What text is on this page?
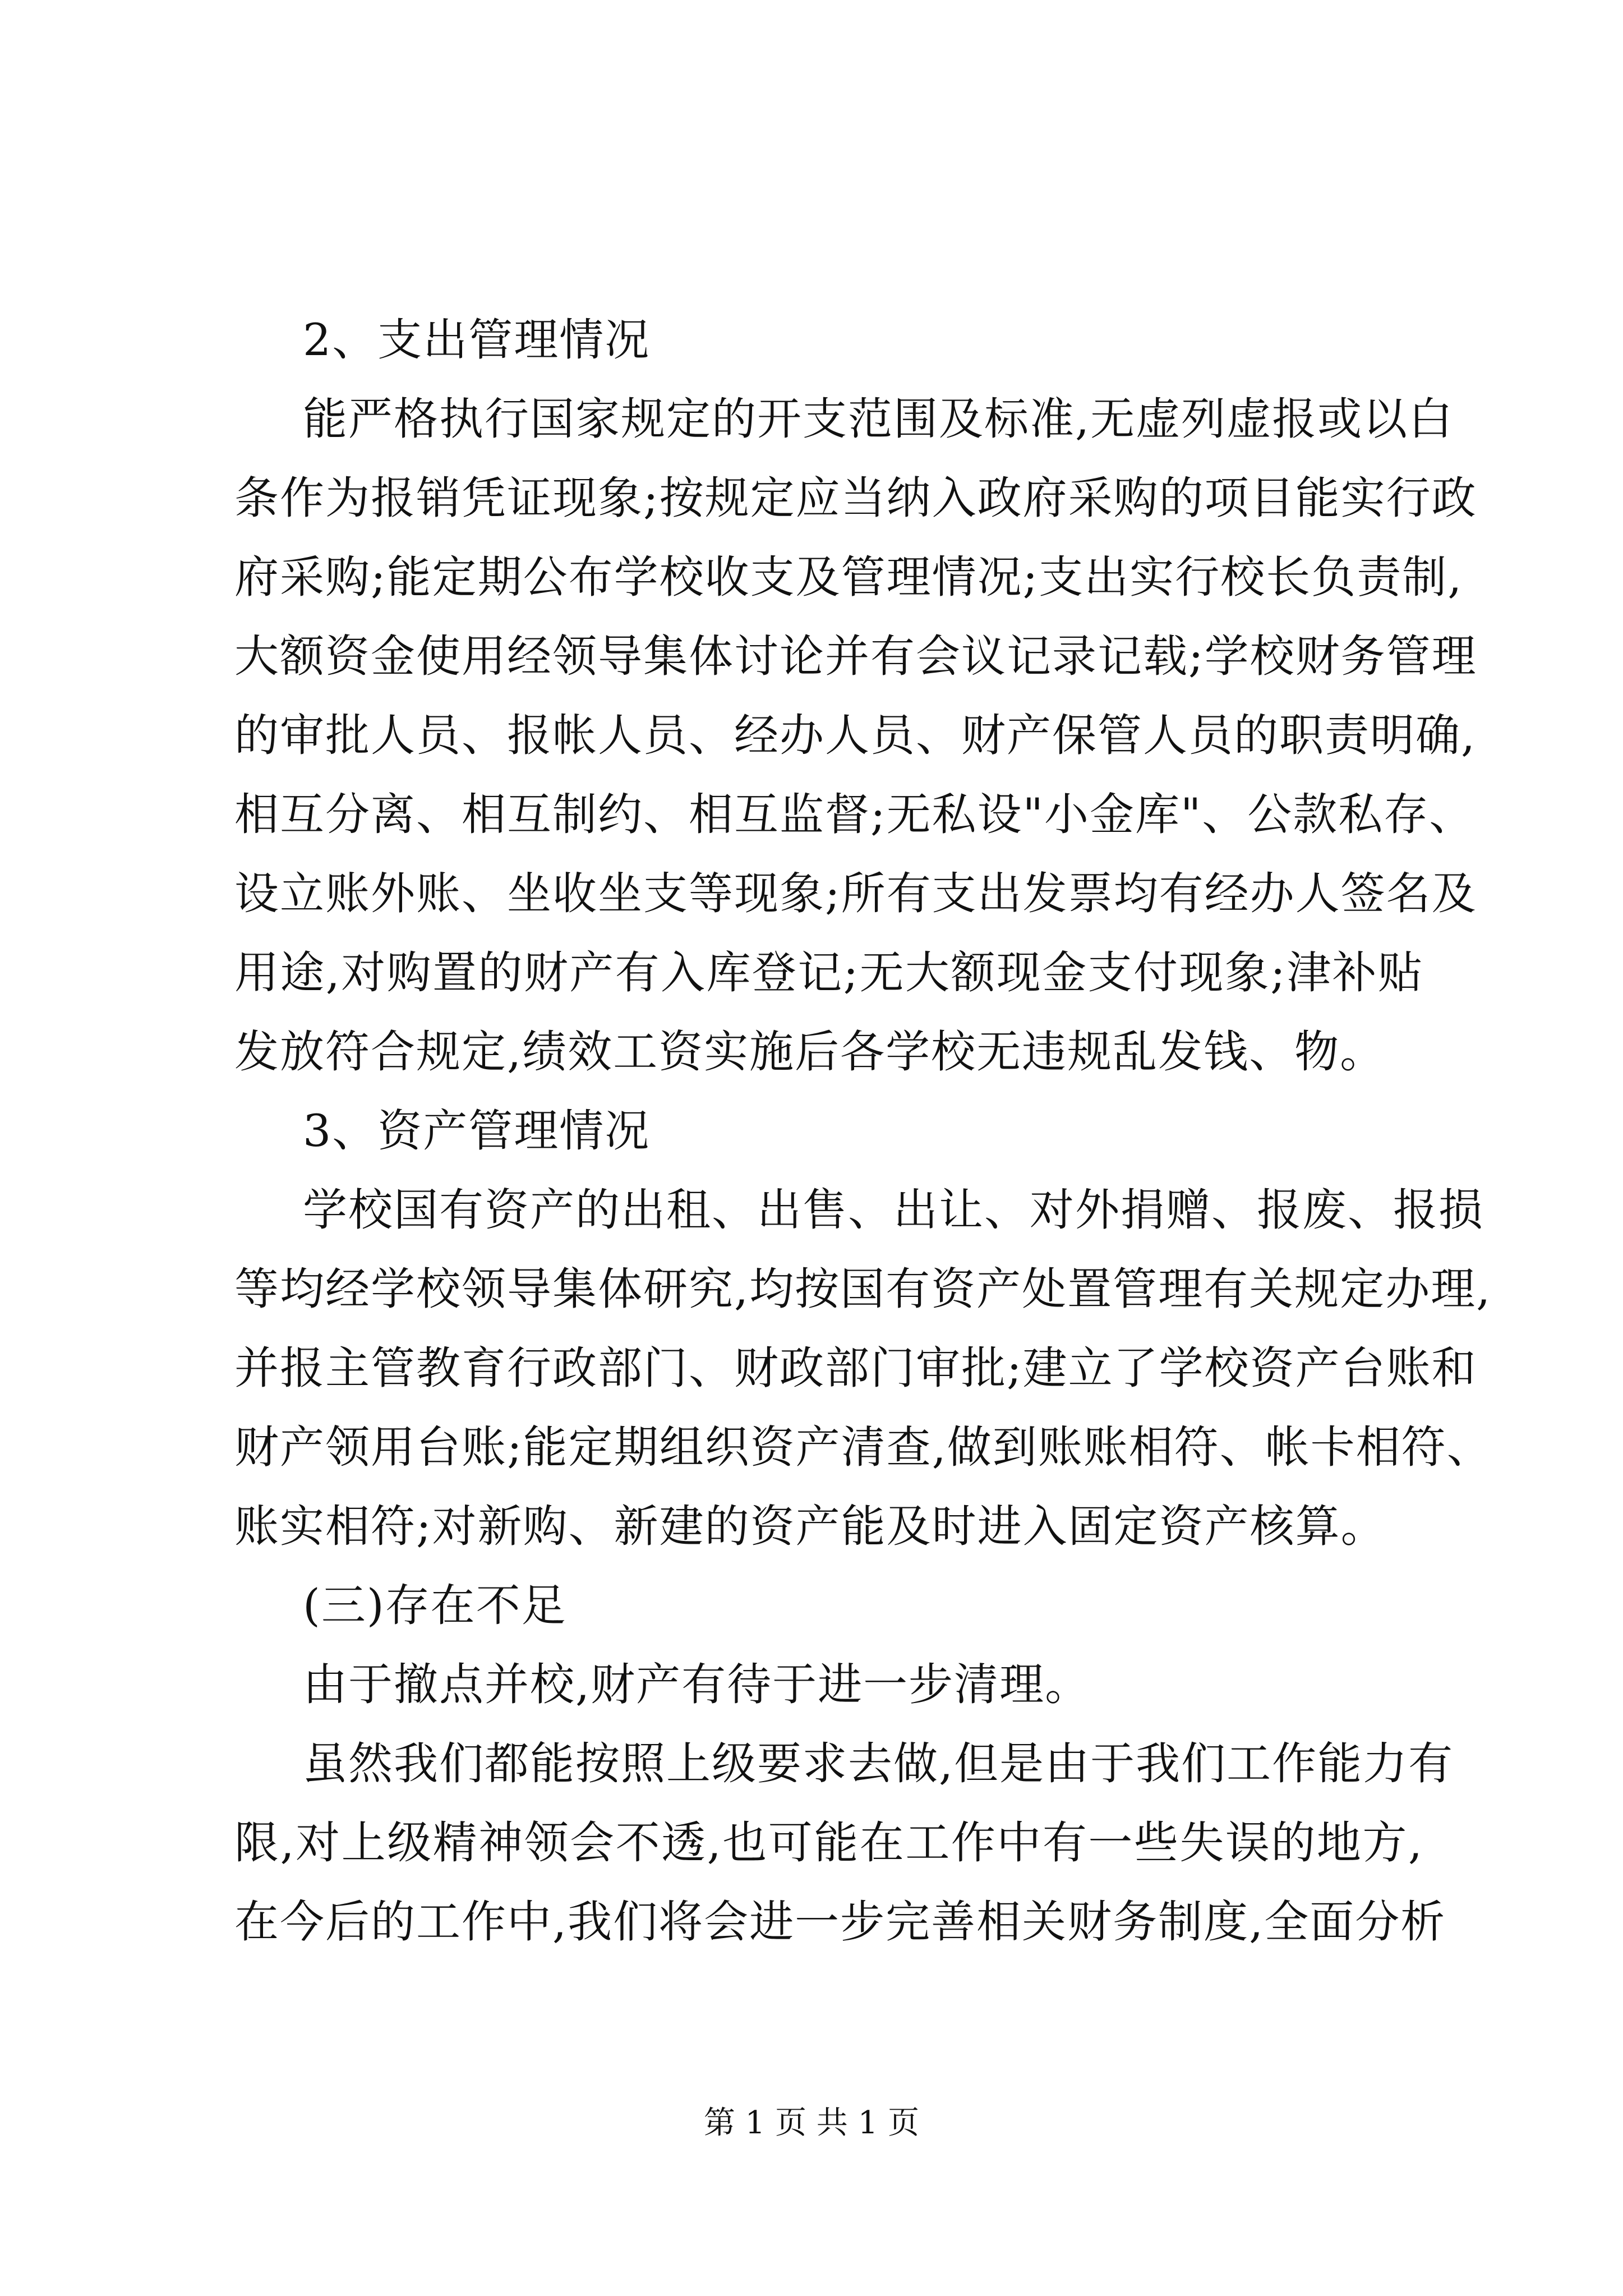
2、支出管理情况
能严格执行国家规定的开支范围及标准,无虚列虚报或以白
条作为报销凭证现象;按规定应当纳入政府采购的项目能实行政
府采购;能定期公布学校收支及管理情况;支出实行校长负责制,
大额资金使用经领导集体讨论并有会议记录记载;学校财务管理
的审批人员、报帐人员、经办人员、财产保管人员的职责明确,
相互分离、相互制约、相互监督;无私设"小金库"、公款私存、
设立账外账、坐收坐支等现象;所有支出发票均有经办人签名及
用途,对购置的财产有入库登记;无大额现金支付现象;津补贴
发放符合规定,绩效工资实施后各学校无违规乱发钱、物。
3、资产管理情况
学校国有资产的出租、出售、出让、对外捐赠、报废、报损
等均经学校领导集体研究,均按国有资产处置管理有关规定办理,
并报主管教育行政部门、财政部门审批;建立了学校资产台账和
财产领用台账;能定期组织资产清查,做到账账相符、帐卡相符、
账实相符;对新购、新建的资产能及时进入固定资产核算。
(三)存在不足
由于撤点并校,财产有待于进一步清理。
虽然我们都能按照上级要求去做,但是由于我们工作能力有
限,对上级精神领会不透,也可能在工作中有一些失误的地方,
在今后的工作中,我们将会进一步完善相关财务制度,全面分析
第 1 页 共 1 页
